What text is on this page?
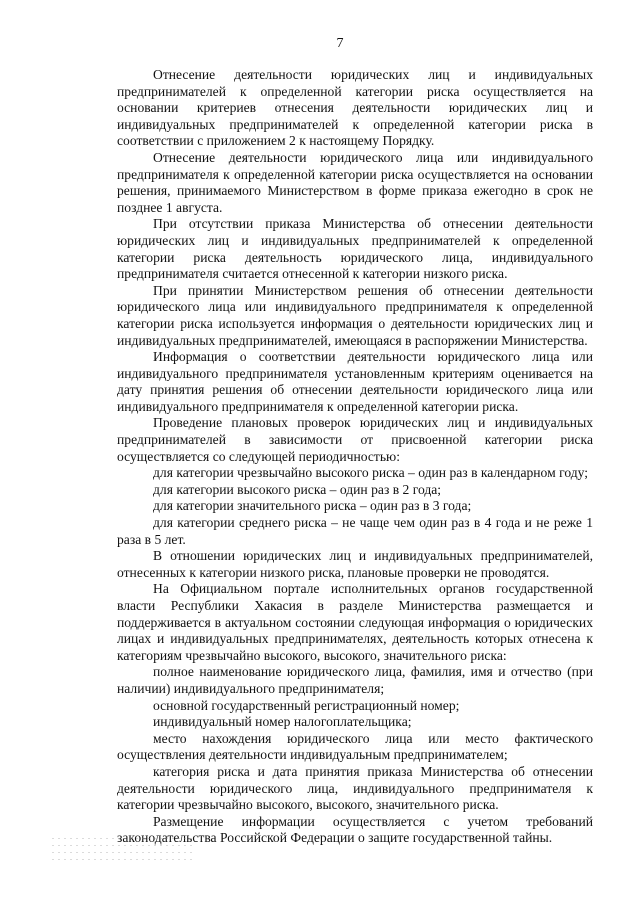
7

Отнесение деятельности юридических лиц и индивидуальных предпринимателей к определенной категории риска осуществляется на основании критериев отнесения деятельности юридических лиц и индивидуальных предпринимателей к определенной категории риска в соответствии с приложением 2 к настоящему Порядку.

Отнесение деятельности юридического лица или индивидуального предпринимателя к определенной категории риска осуществляется на основании решения, принимаемого Министерством в форме приказа ежегодно в срок не позднее 1 августа.

При отсутствии приказа Министерства об отнесении деятельности юридических лиц и индивидуальных предпринимателей к определенной категории риска деятельность юридического лица, индивидуального предпринимателя считается отнесенной к категории низкого риска.

При принятии Министерством решения об отнесении деятельности юридического лица или индивидуального предпринимателя к определенной категории риска используется информация о деятельности юридических лиц и индивидуальных предпринимателей, имеющаяся в распоряжении Министерства.

Информация о соответствии деятельности юридического лица или индивидуального предпринимателя установленным критериям оценивается на дату принятия решения об отнесении деятельности юридического лица или индивидуального предпринимателя к определенной категории риска.

Проведение плановых проверок юридических лиц и индивидуальных предпринимателей в зависимости от присвоенной категории риска осуществляется со следующей периодичностью:

для категории чрезвычайно высокого риска – один раз в календарном году;

для категории высокого риска – один раз в 2 года;

для категории значительного риска – один раз в 3 года;

для категории среднего риска – не чаще чем один раз в 4 года и не реже 1 раза в 5 лет.

В отношении юридических лиц и индивидуальных предпринимателей, отнесенных к категории низкого риска, плановые проверки не проводятся.

На Официальном портале исполнительных органов государственной власти Республики Хакасия в разделе Министерства размещается и поддерживается в актуальном состоянии следующая информация о юридических лицах и индивидуальных предпринимателях, деятельность которых отнесена к категориям чрезвычайно высокого, высокого, значительного риска:

полное наименование юридического лица, фамилия, имя и отчество (при наличии) индивидуального предпринимателя;

основной государственный регистрационный номер;

индивидуальный номер налогоплательщика;

место нахождения юридического лица или место фактического осуществления деятельности индивидуальным предпринимателем;

категория риска и дата принятия приказа Министерства об отнесении деятельности юридического лица, индивидуального предпринимателя к категории чрезвычайно высокого, высокого, значительного риска.

Размещение информации осуществляется с учетом требований законодательства Российской Федерации о защите государственной тайны.
